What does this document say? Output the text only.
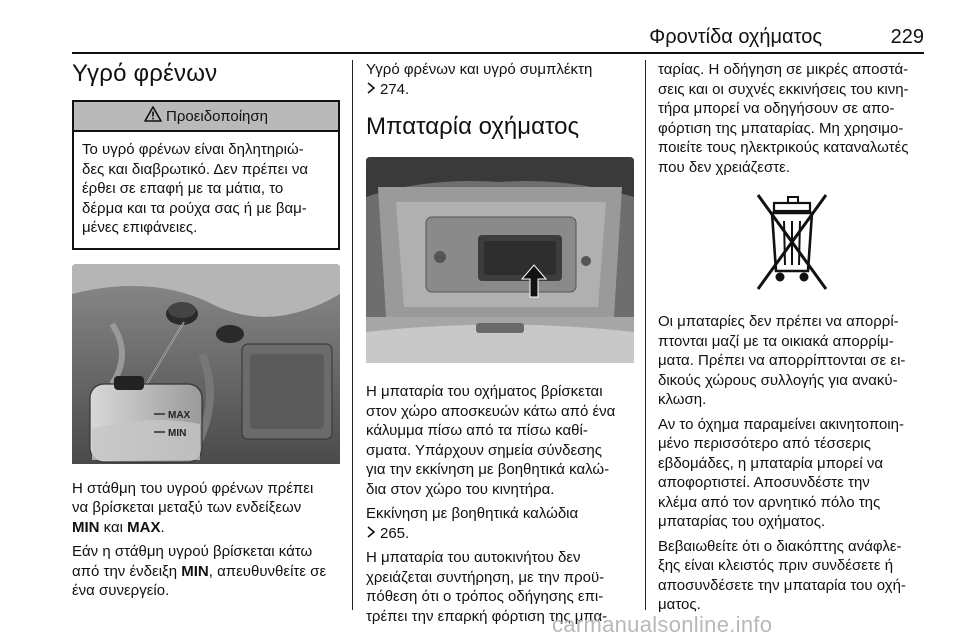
Φροντίδα οχήματος	229
Υγρό φρένων
Προειδοποίηση
Το υγρό φρένων είναι δηλητηριώ-
δες και διαβρωτικό. Δεν πρέπει να
έρθει σε επαφή με τα μάτια, το
δέρμα και τα ρούχα σας ή με βαμ-
μένες επιφάνειες.
MAX
MIN

Η στάθμη του υγρού φρένων πρέπει
να βρίσκεται μεταξύ των ενδείξεων
MIN και MAX.

Εάν η στάθμη υγρού βρίσκεται κάτω
από την ένδειξη MIN, απευθυνθείτε σε
ένα συνεργείο.

Υγρό φρένων και υγρό συμπλέκτη
274.

Μπαταρία οχήματος

Η μπαταρία του οχήματος βρίσκεται
στον χώρο αποσκευών κάτω από ένα
κάλυμμα πίσω από τα πίσω καθί-
σματα. Υπάρχουν σημεία σύνδεσης
για την εκκίνηση με βοηθητικά καλώ-
δια στον χώρο του κινητήρα.

Εκκίνηση με βοηθητικά καλώδια
265.

Η μπαταρία του αυτοκινήτου δεν
χρειάζεται συντήρηση, με την προϋ-
πόθεση ότι ο τρόπος οδήγησης επι-
τρέπει την επαρκή φόρτιση της μπα-

ταρίας. Η οδήγηση σε μικρές αποστά-
σεις και οι συχνές εκκινήσεις του κινη-
τήρα μπορεί να οδηγήσουν σε απο-
φόρτιση της μπαταρίας. Μη χρησιμο-
ποιείτε τους ηλεκτρικούς καταναλωτές
που δεν χρειάζεστε.

Οι μπαταρίες δεν πρέπει να απορρί-
πτονται μαζί με τα οικιακά απορρίμ-
ματα. Πρέπει να απορρίπτονται σε ει-
δικούς χώρους συλλογής για ανακύ-
κλωση.

Αν το όχημα παραμείνει ακινητοποιη-
μένο περισσότερο από τέσσερις
εβδομάδες, η μπαταρία μπορεί να
αποφορτιστεί. Αποσυνδέστε την
κλέμα από τον αρνητικό πόλο της
μπαταρίας του οχήματος.

Βεβαιωθείτε ότι ο διακόπτης ανάφλε-
ξης είναι κλειστός πριν συνδέσετε ή
αποσυνδέσετε την μπαταρία του οχή-
ματος.

carmanualsonline.info
